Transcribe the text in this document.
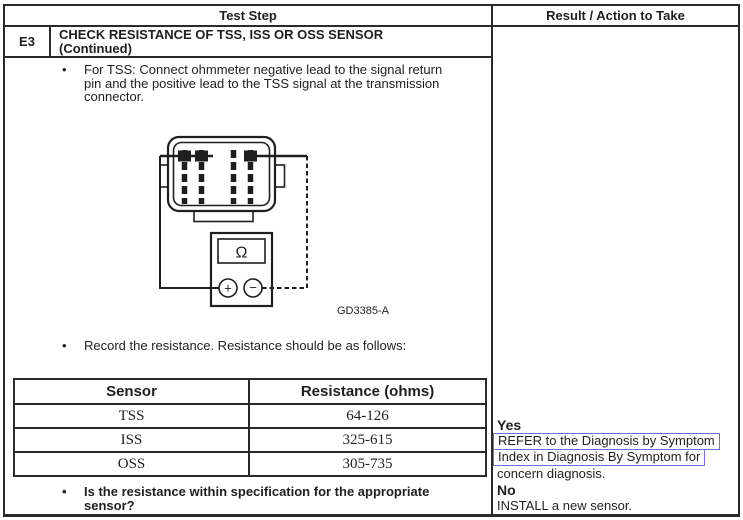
Test Step	Result / Action to Take
E3	CHECK RESISTANCE OF TSS, ISS OR OSS SENSOR
(Continued)
•	For TSS: Connect ohmmeter negative lead to the signal return
pin and the positive lead to the TSS signal at the transmission
connector.
Ω
+ −
GD3385-A
•	Record the resistance. Resistance should be as follows:
Sensor	Resistance (ohms)
TSS	64-126
ISS	325-615
OSS	305-735
•	Is the resistance within specification for the appropriate
sensor?
Yes
REFER to the Diagnosis by Symptom
Index in Diagnosis By Symptom for
concern diagnosis.
No
INSTALL a new sensor.
